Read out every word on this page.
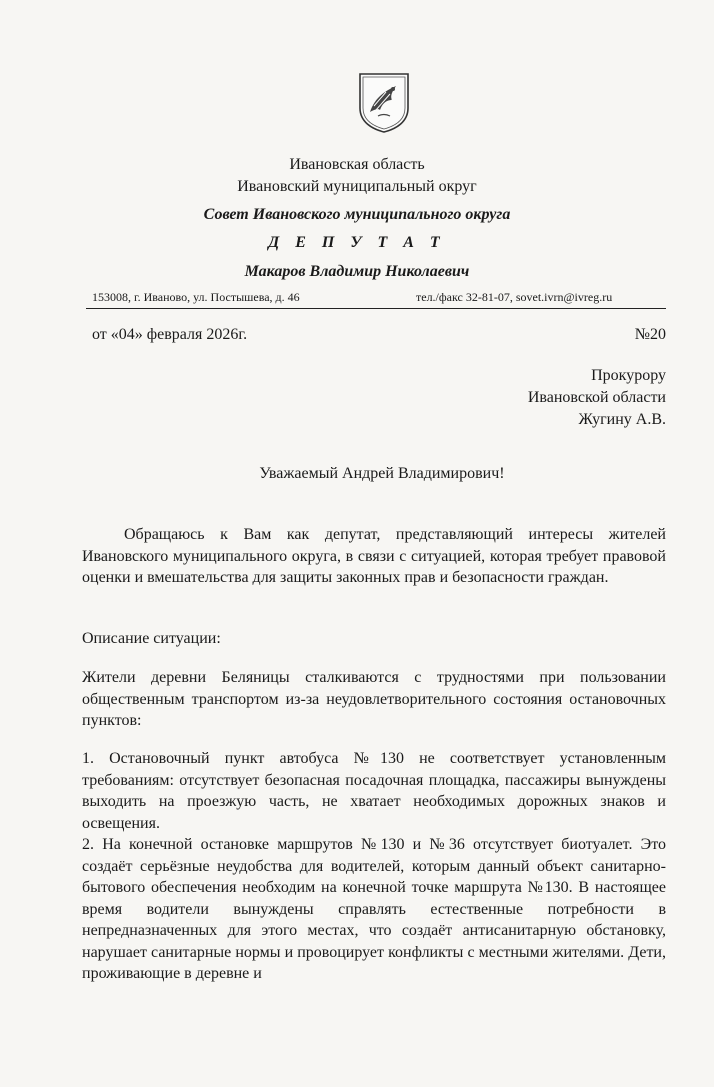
Ивановская область
Ивановский муниципальный округ
Совет Ивановского муниципального округа
Д Е П У Т А Т
Макаров Владимир Николаевич
153008, г. Иваново, ул. Постышева, д. 46	тел./факс 32-81-07, sovet.ivrn@ivreg.ru
от «04» февраля 2026г.	№20
Прокурору
Ивановской области
Жугину А.В.
Уважаемый Андрей Владимирович!

Обращаюсь к Вам как депутат, представляющий интересы жителей Ивановского муниципального округа, в связи с ситуацией, которая требует правовой оценки и вмешательства для защиты законных прав и безопасности граждан.

Описание ситуации:

Жители деревни Беляницы сталкиваются с трудностями при пользовании общественным транспортом из-за неудовлетворительного состояния остановочных пунктов:

1. Остановочный пункт автобуса №130 не соответствует установленным требованиям: отсутствует безопасная посадочная площадка, пассажиры вынуждены выходить на проезжую часть, не хватает необходимых дорожных знаков и освещения.

2. На конечной остановке маршрутов №130 и №36 отсутствует биотуалет. Это создаёт серьёзные неудобства для водителей, которым данный объект санитарно-бытового обеспечения необходим на конечной точке маршрута №130. В настоящее время водители вынуждены справлять естественные потребности в непредназначенных для этого местах, что создаёт антисанитарную обстановку, нарушает санитарные нормы и провоцирует конфликты с местными жителями. Дети, проживающие в деревне и
